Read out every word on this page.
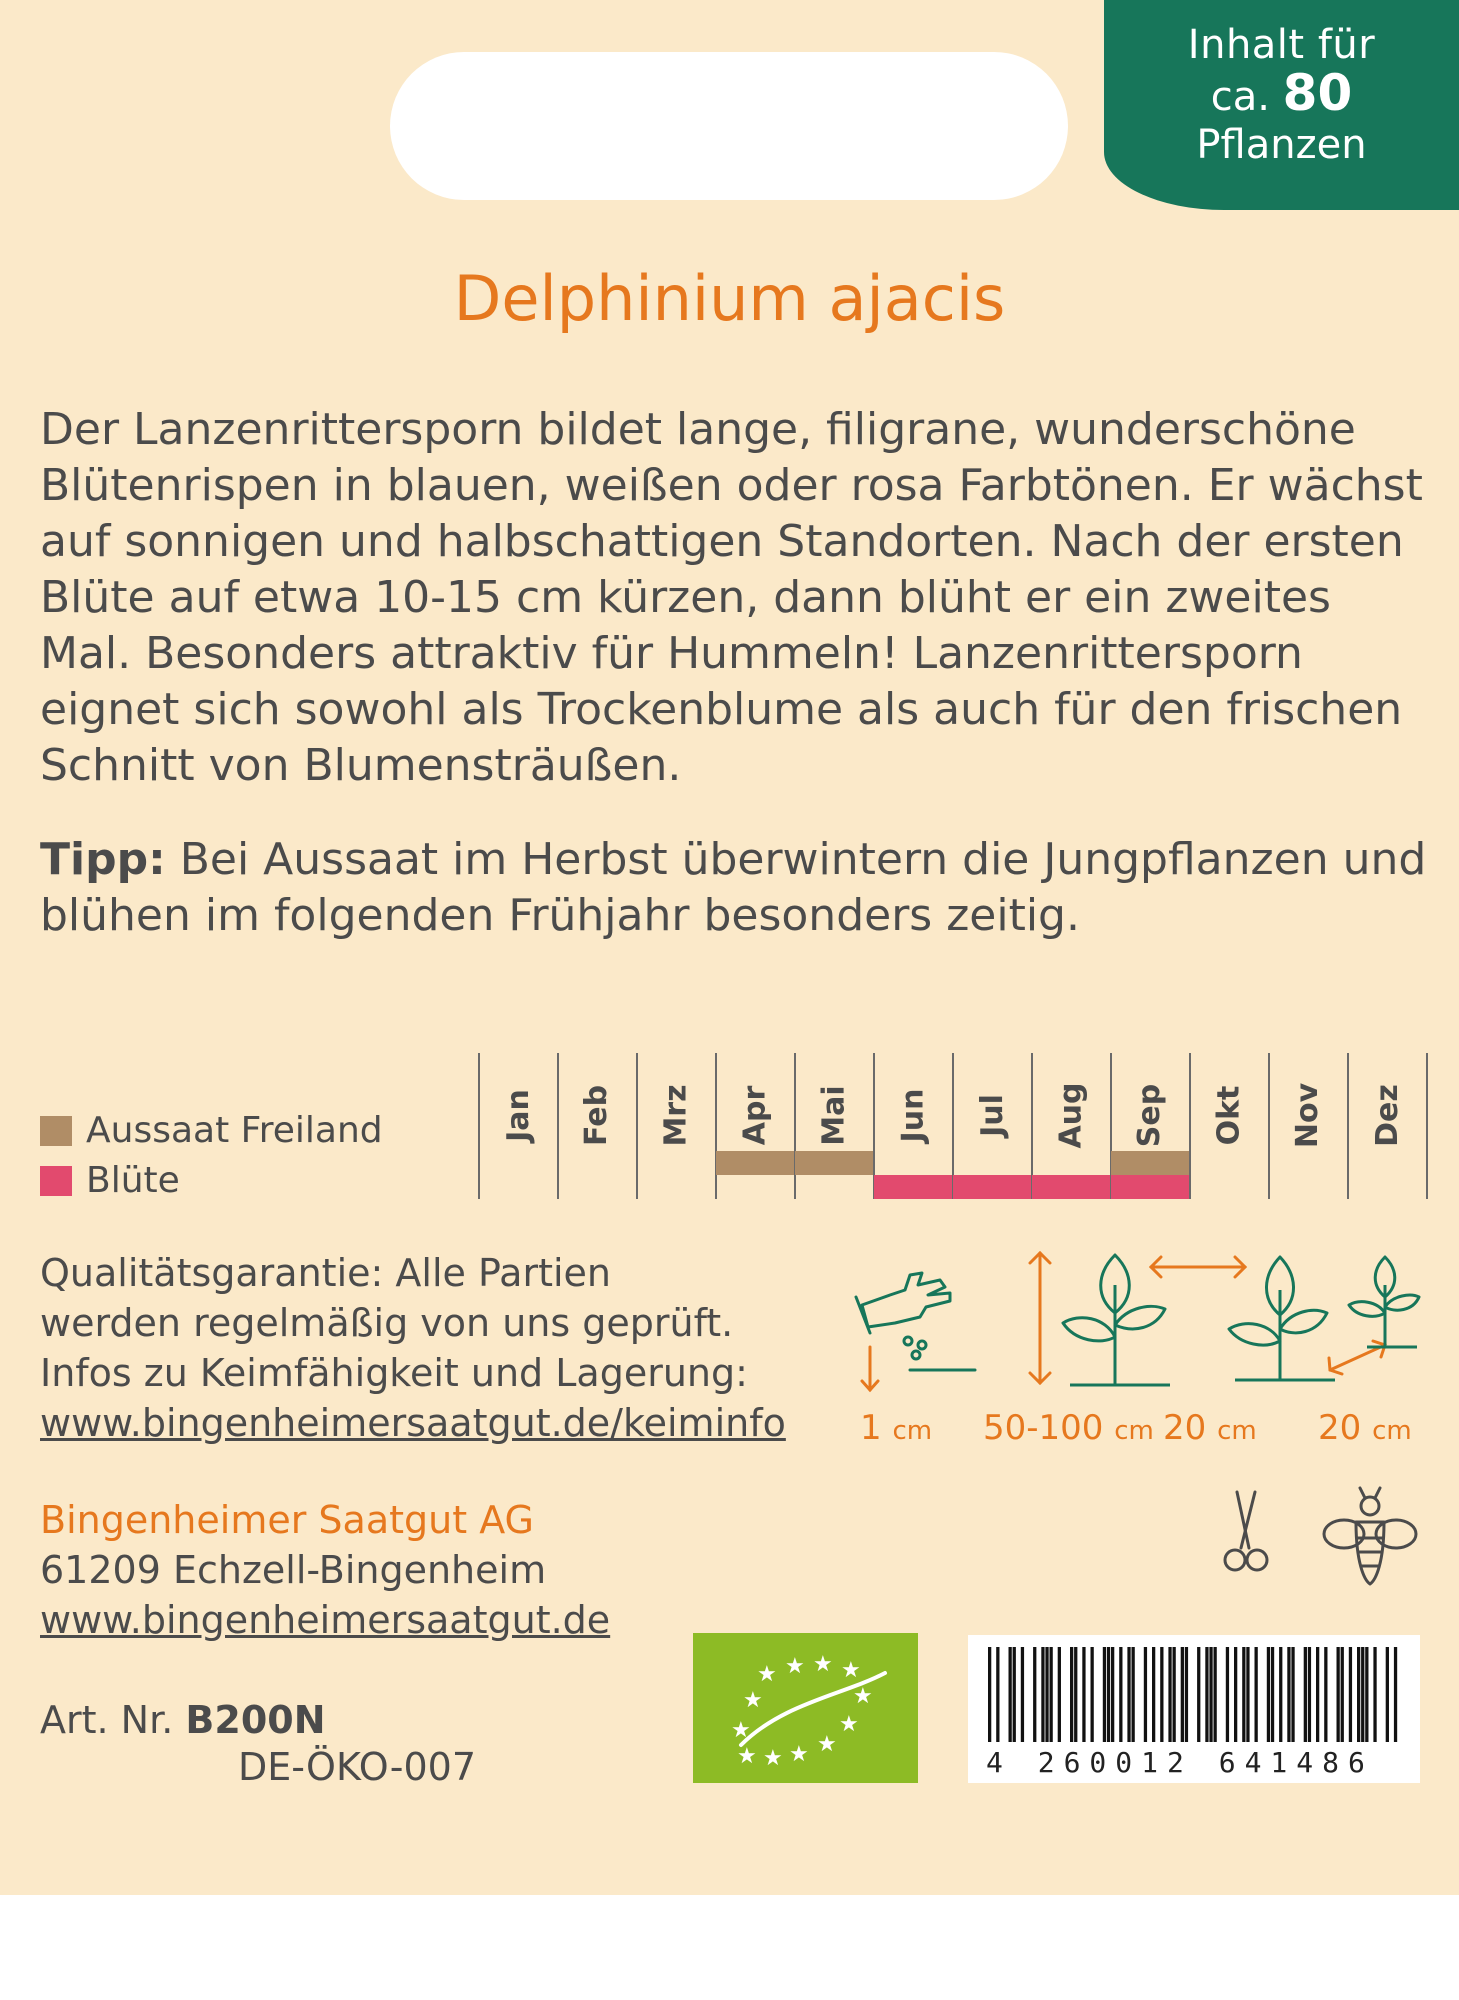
Inhalt für
ca. 80
Pflanzen
Delphinium ajacis
Der Lanzenrittersporn bildet lange, filigrane, wunderschöne Blütenrispen in blauen, weißen oder rosa Farbtönen. Er wächst auf sonnigen und halbschattigen Standorten. Nach der ersten Blüte auf etwa 10-15 cm kürzen, dann blüht er ein zweites Mal. Besonders attraktiv für Hummeln! Lanzenrittersporn eignet sich sowohl als Trockenblume als auch für den frischen Schnitt von Blumensträußen.
Tipp: Bei Aussaat im Herbst überwintern die Jungpflanzen und blühen im folgenden Frühjahr besonders zeitig.
Aussaat Freiland
Blüte
Jan Feb Mrz Apr Mai Jun Jul Aug Sep Okt Nov Dez
Qualitätsgarantie: Alle Partien
werden regelmäßig von uns geprüft.
Infos zu Keimfähigkeit und Lagerung:
www.bingenheimersaatgut.de/keiminfo 1 cm 50-100 cm 20 cm 20 cm
Bingenheimer Saatgut AG
61209 Echzell-Bingenheim
www.bingenheimersaatgut.de
Art. Nr. B200N
DE-ÖKO-007
★ ★ ★ ★
★
★
★
★
★
★
★
★	4 260012 641486
